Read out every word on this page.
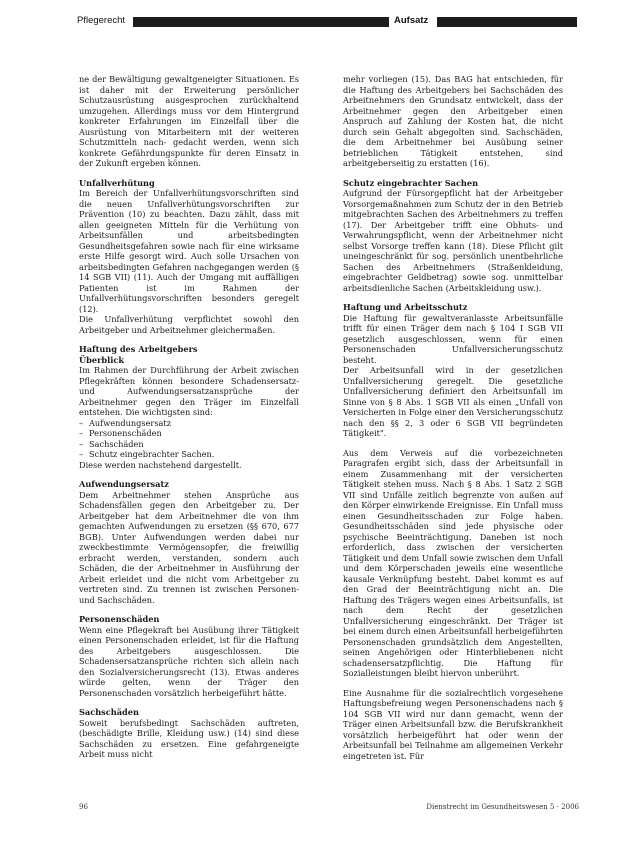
Pflegerecht	Aufsatz

ne der Bewältigung gewaltgeneigter Situationen. Es ist daher mit der Erweiterung persönlicher Schutzausrüstung ausgesprochen zurückhaltend umzugehen. Allerdings muss vor dem Hintergrund konkreter Erfahrungen im Einzelfall über die Ausrüstung von Mitarbeitern mit der weiteren Schutzmitteln nach- gedacht werden, wenn sich konkrete Gefährdungspunkte für deren Einsatz in der Zukunft ergeben können.

Unfallverhütung

Im Bereich der Unfallverhütungsvorschriften sind die neuen Unfallverhütungsvorschriften zur Prävention (10) zu beachten. Dazu zählt, dass mit allen geeigneten Mitteln für die Verhütung von Arbeitsunfällen und arbeitsbedingten Gesundheitsgefahren sowie nach für eine wirksame erste Hilfe gesorgt wird. Auch solle Ursachen von arbeitsbedingten Gefahren nachgegangen werden (§ 14 SGB VII) (11). Auch der Umgang mit auffälligen Patienten ist im Rahmen der Unfallverhütungsvorschriften besonders geregelt (12).

Die Unfallverhütung verpflichtet sowohl den Arbeitgeber und Arbeitnehmer gleichermaßen.

Haftung des Arbeitgebers

Überblick

Im Rahmen der Durchführung der Arbeit zwischen Pflegekräften können besondere Schadensersatz- und Aufwendungsersatzansprüche der Arbeitnehmer gegen den Träger im Einzelfall entstehen. Die wichtigsten sind:

– Aufwendungsersatz
– Personenschäden
– Sachschäden
– Schutz eingebrachter Sachen.

Diese werden nachstehend dargestellt.

Aufwendungsersatz

Dem Arbeitnehmer stehen Ansprüche aus Schadensfällen gegen den Arbeitgeber zu. Der Arbeitgeber hat dem Arbeitnehmer die von ihm gemachten Aufwendungen zu ersetzen (§§ 670, 677 BGB). Unter Aufwendungen werden dabei nur zweckbestimmte Vermögensopfer, die freiwillig erbracht werden, verstanden, sondern auch Schäden, die der Arbeitnehmer in Ausführung der Arbeit erleidet und die nicht vom Arbeitgeber zu vertreten sind. Zu trennen ist zwischen Personen- und Sachschäden.

Personenschäden

Wenn eine Pflegekraft bei Ausübung ihrer Tätigkeit einen Personenschaden erleidet, ist für die Haftung des Arbeitgebers ausgeschlossen. Die Schadensersatzansprüche richten sich allein nach den Sozialversicherungsrecht (13). Etwas anderes würde gelten, wenn der Träger den Personenschaden vorsätzlich herbeigeführt hätte.

Sachschäden

Soweit berufsbedingt Sachschäden auftreten, (beschädigte Brille, Kleidung usw.) (14) sind diese Sachschäden zu ersetzen. Eine gefahrgeneigte Arbeit muss nicht

mehr vorliegen (15). Das BAG hat entschieden, für die Haftung des Arbeitgebers bei Sachschäden des Arbeitnehmers den Grundsatz entwickelt, dass der Arbeitnehmer gegen den Arbeitgeber einen Anspruch auf Zahlung der Kosten hat, die nicht durch sein Gehalt abgegolten sind. Sachschäden, die dem Arbeitnehmer bei Ausübung seiner betrieblichen Tätigkeit entstehen, sind arbeitgeberseitig zu erstatten (16).

Schutz eingebrachter Sachen

Aufgrund der Fürsorgepflicht hat der Arbeitgeber Vorsorgemaßnahmen zum Schutz der in den Betrieb mitgebrachten Sachen des Arbeitnehmers zu treffen (17). Der Arbeitgeber trifft eine Obhuts- und Verwahrungspflicht, wenn der Arbeitnehmer nicht selbst Vorsorge treffen kann (18). Diese Pflicht gilt uneingeschränkt für sog. persönlich unentbehrliche Sachen des Arbeitnehmers (Straßenkleidung, eingebrachter Geldbetrag) sowie sog. unmittelbar arbeitsdienliche Sachen (Arbeitskleidung usw.).

Haftung und Arbeitsschutz

Die Haftung für gewaltveranlasste Arbeitsunfälle trifft für einen Träger dem nach § 104 I SGB VII gesetzlich ausgeschlossen, wenn für einen Personenschaden Unfallversicherungsschutz besteht.

Der Arbeitsunfall wird in der gesetzlichen Unfallversicherung geregelt. Die gesetzliche Unfallversicherung definiert den Arbeitsunfall im Sinne von § 8 Abs. 1 SGB VII als einen „Unfall von Versicherten in Folge einer den Versicherungsschutz nach den §§ 2, 3 oder 6 SGB VII begründeten Tätigkeit".

Aus dem Verweis auf die vorbezeichneten Paragrafen ergibt sich, dass der Arbeitsunfall in einem Zusammenhang mit der versicherten Tätigkeit stehen muss. Nach § 8 Abs. 1 Satz 2 SGB VII sind Unfälle zeitlich begrenzte von außen auf den Körper einwirkende Ereignisse. Ein Unfall muss einen Gesundheitsschaden zur Folge haben. Gesundheitsschäden sind jede physische oder psychische Beeinträchtigung. Daneben ist noch erforderlich, dass zwischen der versicherten Tätigkeit und dem Unfall sowie zwischen dem Unfall und dem Körperschaden jeweils eine wesentliche kausale Verknüpfung besteht. Dabei kommt es auf den Grad der Beeinträchtigung nicht an. Die Haftung des Trägers wegen eines Arbeitsunfalls, ist nach dem Recht der gesetzlichen Unfallversicherung eingeschränkt. Der Träger ist bei einem durch einen Arbeitsunfall herbeigeführten Personenschaden grundsätzlich dem Angestellten, seinen Angehörigen oder Hinterbliebenen nicht schadensersatzpflichtig. Die Haftung für Sozialleistungen bleibt hiervon unberührt.

Eine Ausnahme für die sozialrechtlich vorgesehene Haftungsbefreiung wegen Personenschadens nach § 104 SGB VII wird nur dann gemacht, wenn der Träger einen Arbeitsunfall bzw. die Berufskrankheit vorsätzlich herbeigeführt hat oder wenn der Arbeitsunfall bei Teilnahme am allgemeinen Verkehr eingetreten ist. Für

96	Dienstrecht im Gesundheitswesen 5 · 2006
